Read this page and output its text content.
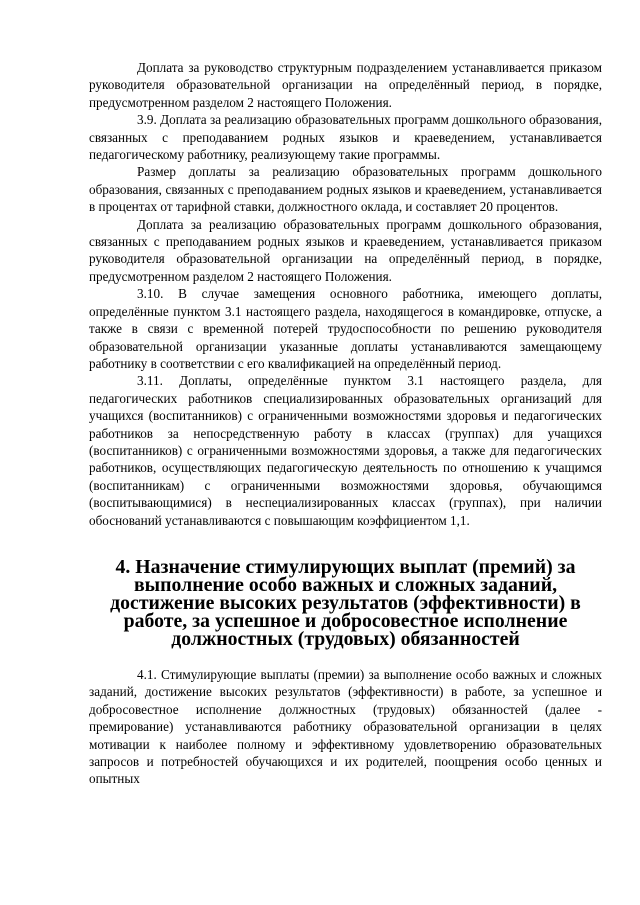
Доплата за руководство структурным подразделением устанавливается приказом руководителя образовательной организации на определённый период, в порядке, предусмотренном разделом 2 настоящего Положения.

3.9. Доплата за реализацию образовательных программ дошкольного образования, связанных с преподаванием родных языков и краеведением, устанавливается педагогическому работнику, реализующему такие программы.

Размер доплаты за реализацию образовательных программ дошкольного образования, связанных с преподаванием родных языков и краеведением, устанавливается в процентах от тарифной ставки, должностного оклада, и составляет 20 процентов.

Доплата за реализацию образовательных программ дошкольного образования, связанных с преподаванием родных языков и краеведением, устанавливается приказом руководителя образовательной организации на определённый период, в порядке, предусмотренном разделом 2 настоящего Положения.

3.10. В случае замещения основного работника, имеющего доплаты, определённые пунктом 3.1 настоящего раздела, находящегося в командировке, отпуске, а также в связи с временной потерей трудоспособности по решению руководителя образовательной организации указанные доплаты устанавливаются замещающему работнику в соответствии с его квалификацией на определённый период.

3.11. Доплаты, определённые пунктом 3.1 настоящего раздела, для педагогических работников специализированных образовательных организаций для учащихся (воспитанников) с ограниченными возможностями здоровья и педагогических работников за непосредственную работу в классах (группах) для учащихся (воспитанников) с ограниченными возможностями здоровья, а также для педагогических работников, осуществляющих педагогическую деятельность по отношению к учащимся (воспитанникам) с ограниченными возможностями здоровья, обучающимся (воспитывающимися) в неспециализированных классах (группах), при наличии обоснований устанавливаются с повышающим коэффициентом 1,1.

4. Назначение стимулирующих выплат (премий) за выполнение особо важных и сложных заданий, достижение высоких результатов (эффективности) в работе, за успешное и добросовестное исполнение должностных (трудовых) обязанностей

4.1. Стимулирующие выплаты (премии) за выполнение особо важных и сложных заданий, достижение высоких результатов (эффективности) в работе, за успешное и добросовестное исполнение должностных (трудовых) обязанностей (далее - премирование) устанавливаются работнику образовательной организации в целях мотивации к наиболее полному и эффективному удовлетворению образовательных запросов и потребностей обучающихся и их родителей, поощрения особо ценных и опытных
